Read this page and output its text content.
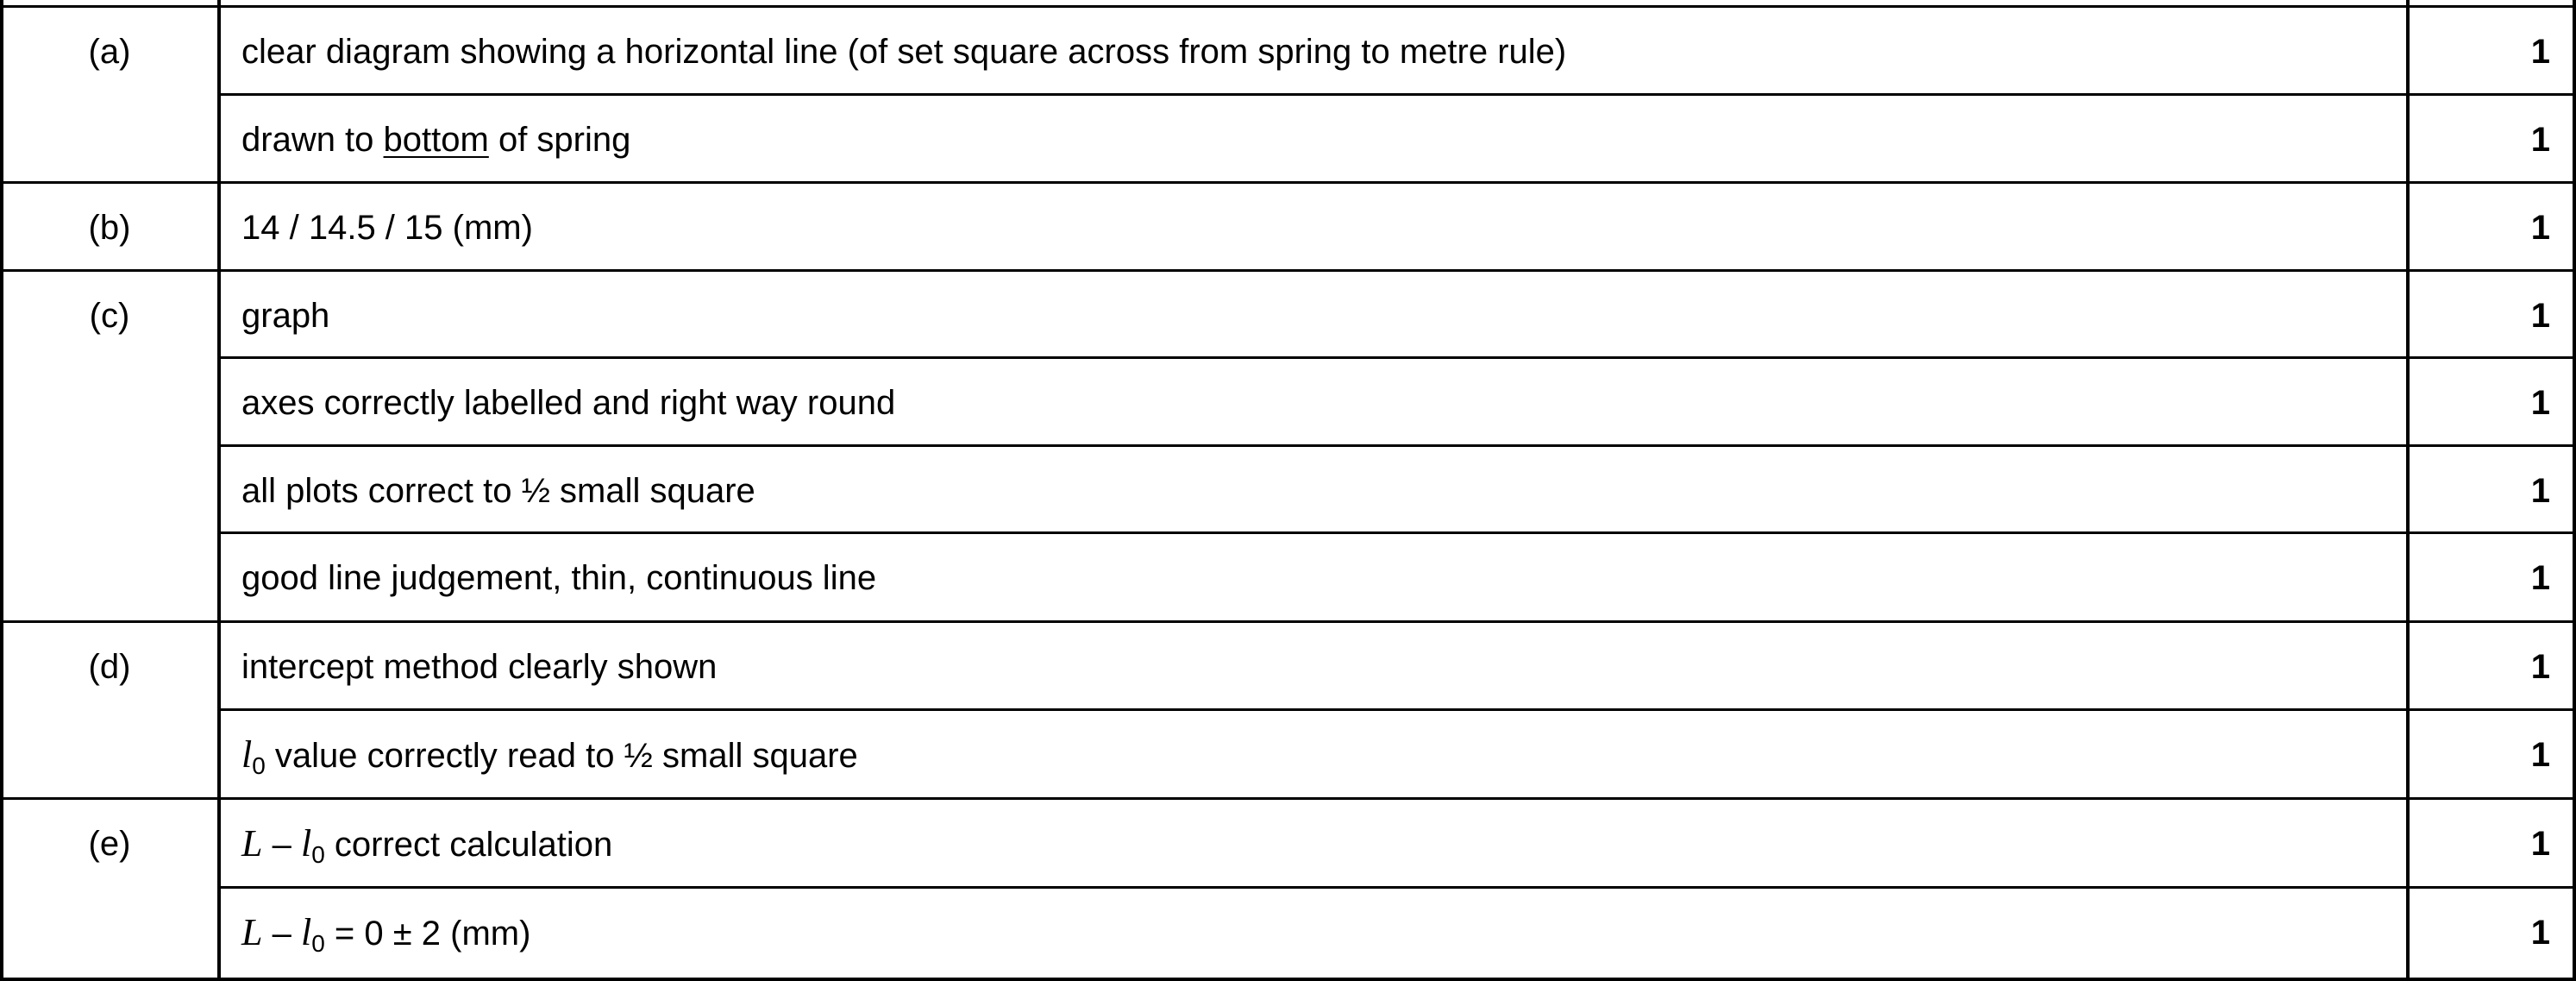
(a)	clear diagram showing a horizontal line (of set square across from spring to metre rule)	1
drawn to bottom of spring	1
(b)	14 / 14.5 / 15 (mm)	1
(c)	graph	1
axes correctly labelled and right way round	1
all plots correct to ½ small square	1
good line judgement, thin, continuous line	1
(d)	intercept method clearly shown	1
$l_0$ value correctly read to ½ small square	1
(e)	L – $l_0$ correct calculation	1
$L - l_0 = 0 \pm 2$ (mm)	1
